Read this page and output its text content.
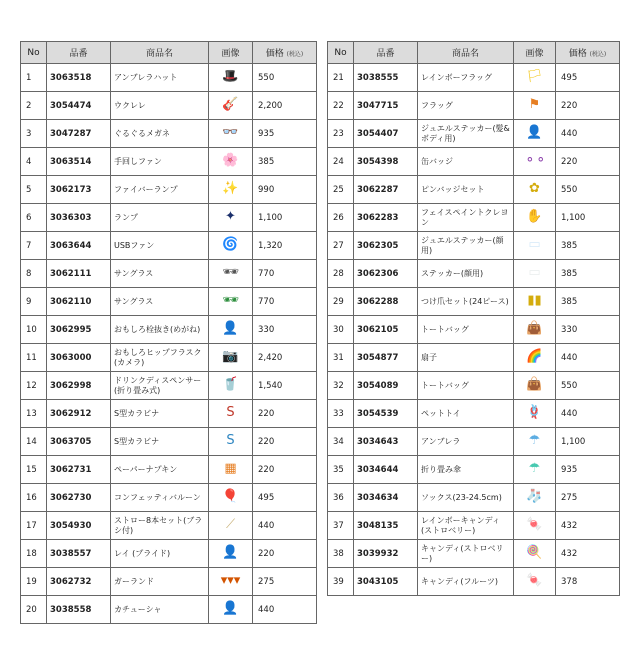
No	品番	商品名	画像	価格 (税込)
1	3063518	アンブレラハット	🎩	550
2	3054474	ウクレレ	🎸	2,200
3	3047287	ぐるぐるメガネ	👓	935
4	3063514	手回しファン	🌸	385
5	3062173	ファイバーランプ	✨	990
6	3036303	ランプ	✦	1,100
7	3063644	USBファン	🌀	1,320
8	3062111	サングラス	🕶	770
9	3062110	サングラス	🕶	770
10	3062995	おもしろ栓抜き(めがね)	👤	330
11	3063000	おもしろヒップフラスク(カメラ)	📷	2,420
12	3062998	ドリンクディスペンサー(折り畳み式)	🥤	1,540
13	3062912	S型カラビナ	S	220
14	3063705	S型カラビナ	S	220
15	3062731	ペーパーナプキン	▦	220
16	3062730	コンフェッティバルーン	🎈	495
17	3054930	ストロー8本セット(ブラシ付)	⟋	440
18	3038557	レイ (プライド)	👤	220
19	3062732	ガーランド	▾▾▾	275
20	3038558	カチューシャ	👤	440
No	品番	商品名	画像	価格 (税込)
21	3038555	レインボーフラッグ	🏳	495
22	3047715	フラッグ	⚑	220
23	3054407	ジュエルステッカー(髪&ボディ用)	👤	440
24	3054398	缶バッジ	⚬⚬	220
25	3062287	ピンバッジセット	✿	550
26	3062283	フェイスペイントクレヨン	✋	1,100
27	3062305	ジュエルステッカー(顔用)	▭	385
28	3062306	ステッカー(顔用)	▭	385
29	3062288	つけ爪セット(24ピース)	▮▮	385
30	3062105	トートバッグ	👜	330
31	3054877	扇子	🌈	440
32	3054089	トートバッグ	👜	550
33	3054539	ペットトイ	🪢	440
34	3034643	アンブレラ	☂	1,100
35	3034644	折り畳み傘	☂	935
36	3034634	ソックス(23-24.5cm)	🧦	275
37	3048135	レインボーキャンディ(ストロベリー)	🍬	432
38	3039932	キャンディ(ストロベリー)	🍭	432
39	3043105	キャンディ(フルーツ)	🍬	378
